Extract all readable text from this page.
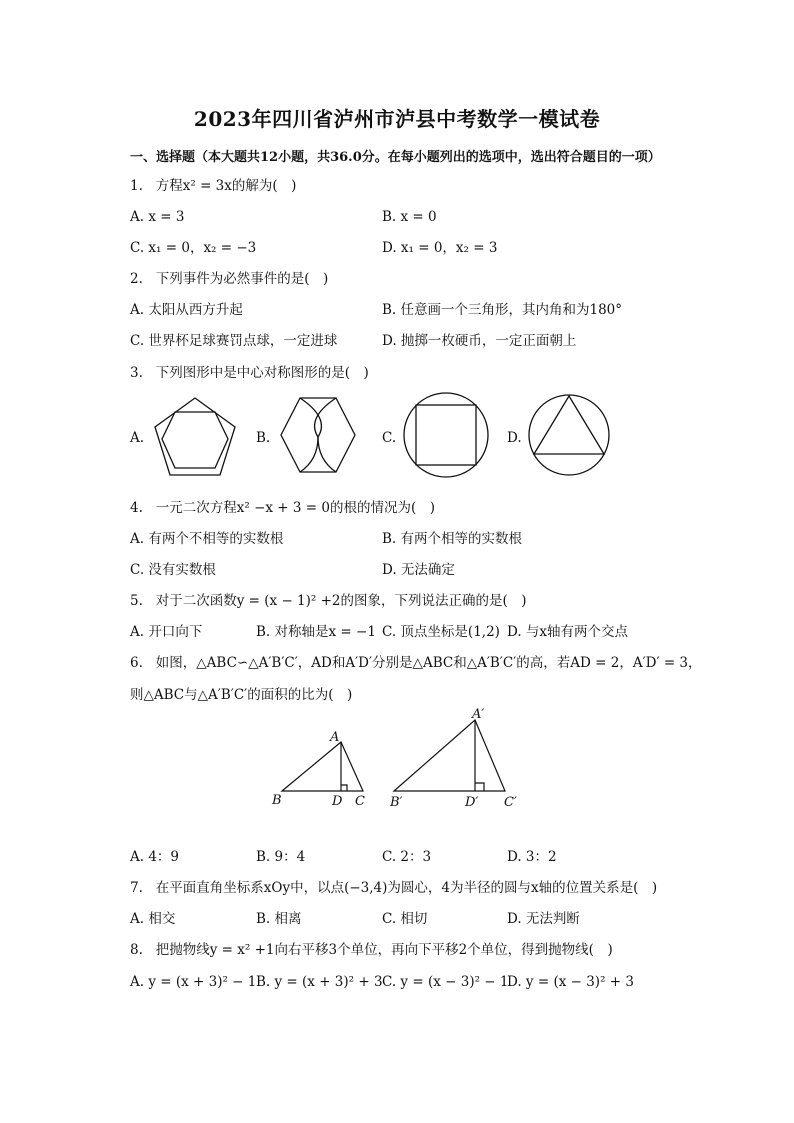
2023年四川省泸州市泸县中考数学一模试卷
一、选择题（本大题共12小题，共36.0分。在每小题列出的选项中，选出符合题目的一项）
1. 方程x² = 3x的解为(　)
A. x = 3	B. x = 0
C. x₁ = 0，x₂ = −3	D. x₁ = 0，x₂ = 3
2. 下列事件为必然事件的是(　)
A. 太阳从西方升起	B. 任意画一个三角形，其内角和为180°
C. 世界杯足球赛罚点球，一定进球	D. 抛掷一枚硬币，一定正面朝上
3. 下列图形中是中心对称图形的是(　)
A.	B.	C.	D.
4. 一元二次方程x² −x + 3 = 0的根的情况为(　)
A. 有两个不相等的实数根	B. 有两个相等的实数根
C. 没有实数根	D. 无法确定
5. 对于二次函数y = (x − 1)² +2的图象，下列说法正确的是(　)
A. 开口向下	B. 对称轴是x = −1 C. 顶点坐标是(1,2) D. 与x轴有两个交点
6. 如图，△ABC∽△A′B′C′，AD和A′D′分别是△ABC和△A′B′C′的高，若AD = 2，A′D′ = 3，
则△ABC与△A′B′C′的面积的比为(　)
A
B	D C
A′
B′	D′ C′
A. 4：9	B. 9：4	C. 2：3	D. 3：2
7. 在平面直角坐标系xOy中，以点(−3,4)为圆心，4为半径的圆与x轴的位置关系是(　)
A. 相交	B. 相离	C. 相切	D. 无法判断
8. 把抛物线y = x² +1向右平移3个单位，再向下平移2个单位，得到抛物线(　)
A. y = (x + 3)² − 1 B. y = (x + 3)² + 3 C. y = (x − 3)² − 1
D. y = (x − 3)² + 3
